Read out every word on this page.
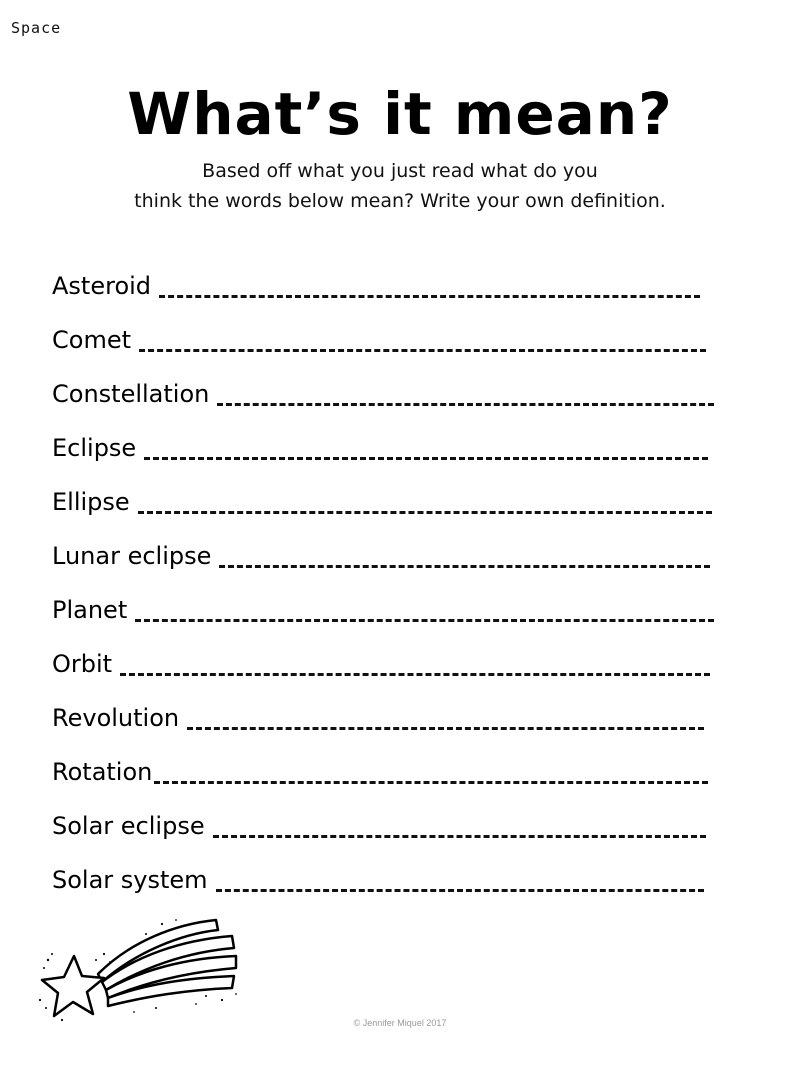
Space
What’s it mean?
Based off what you just read what do you
think the words below mean? Write your own definition.
Asteroid
Comet
Constellation
Eclipse
Ellipse
Lunar eclipse
Planet
Orbit
Revolution
Rotation
Solar eclipse
Solar system
© Jennifer Miquel 2017
